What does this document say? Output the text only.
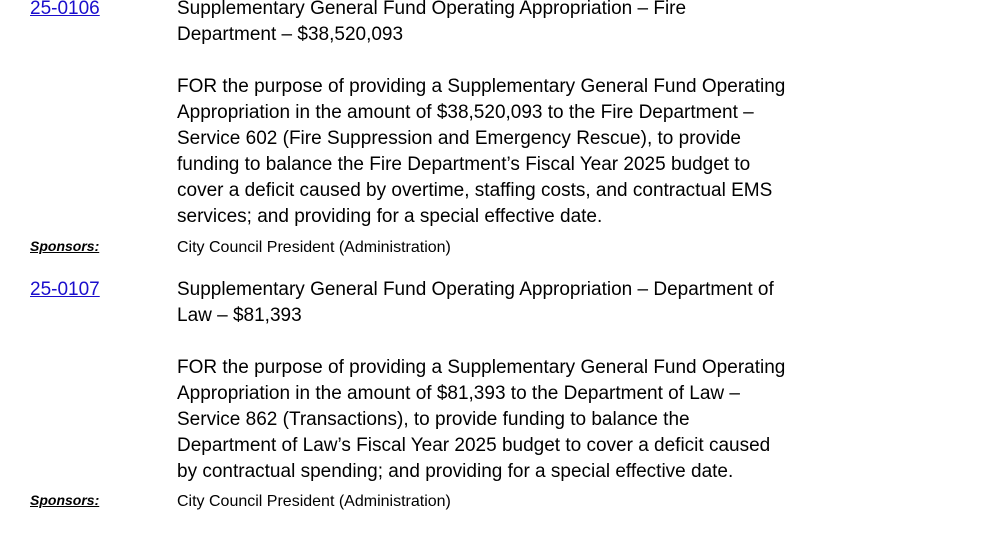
25-0106	Supplementary General Fund Operating Appropriation – Fire
Department – $38,520,093

FOR the purpose of providing a Supplementary General Fund Operating
Appropriation in the amount of $38,520,093 to the Fire Department –
Service 602 (Fire Suppression and Emergency Rescue), to provide
funding to balance the Fire Department’s Fiscal Year 2025 budget to
cover a deficit caused by overtime, staffing costs, and contractual EMS
services; and providing for a special effective date.

Sponsors:	City Council President (Administration)
25-0107	Supplementary General Fund Operating Appropriation – Department of
Law – $81,393

FOR the purpose of providing a Supplementary General Fund Operating
Appropriation in the amount of $81,393 to the Department of Law –
Service 862 (Transactions), to provide funding to balance the
Department of Law’s Fiscal Year 2025 budget to cover a deficit caused
by contractual spending; and providing for a special effective date.

Sponsors:	City Council President (Administration)
